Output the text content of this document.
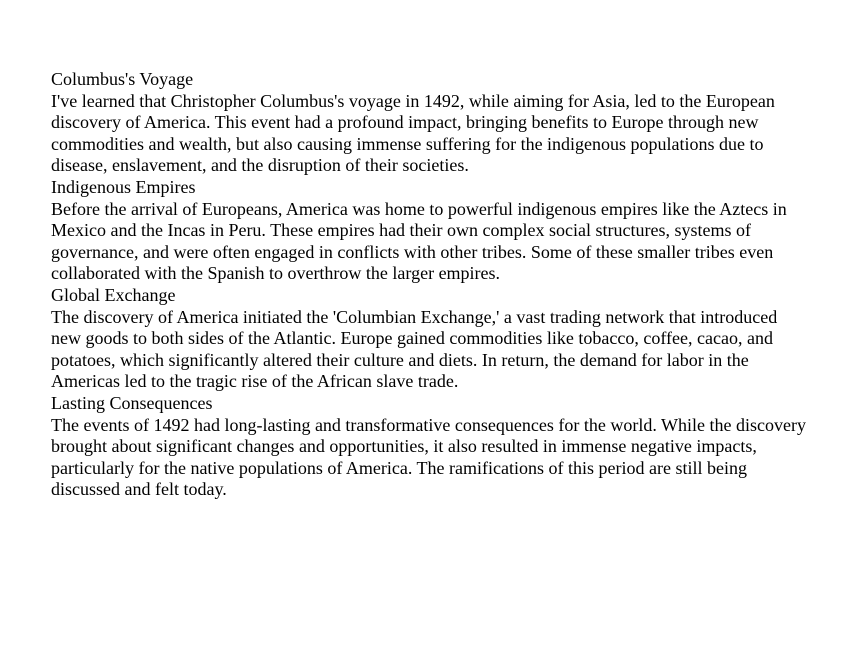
Columbus's Voyage

I've learned that Christopher Columbus's voyage in 1492, while aiming for Asia, led to the European discovery of America. This event had a profound impact, bringing benefits to Europe through new commodities and wealth, but also causing immense suffering for the indigenous populations due to disease, enslavement, and the disruption of their societies.

Indigenous Empires

Before the arrival of Europeans, America was home to powerful indigenous empires like the Aztecs in Mexico and the Incas in Peru. These empires had their own complex social structures, systems of governance, and were often engaged in conflicts with other tribes. Some of these smaller tribes even collaborated with the Spanish to overthrow the larger empires.

Global Exchange

The discovery of America initiated the 'Columbian Exchange,' a vast trading network that introduced new goods to both sides of the Atlantic. Europe gained commodities like tobacco, coffee, cacao, and potatoes, which significantly altered their culture and diets. In return, the demand for labor in the Americas led to the tragic rise of the African slave trade.

Lasting Consequences

The events of 1492 had long-lasting and transformative consequences for the world. While the discovery brought about significant changes and opportunities, it also resulted in immense negative impacts, particularly for the native populations of America. The ramifications of this period are still being discussed and felt today.
